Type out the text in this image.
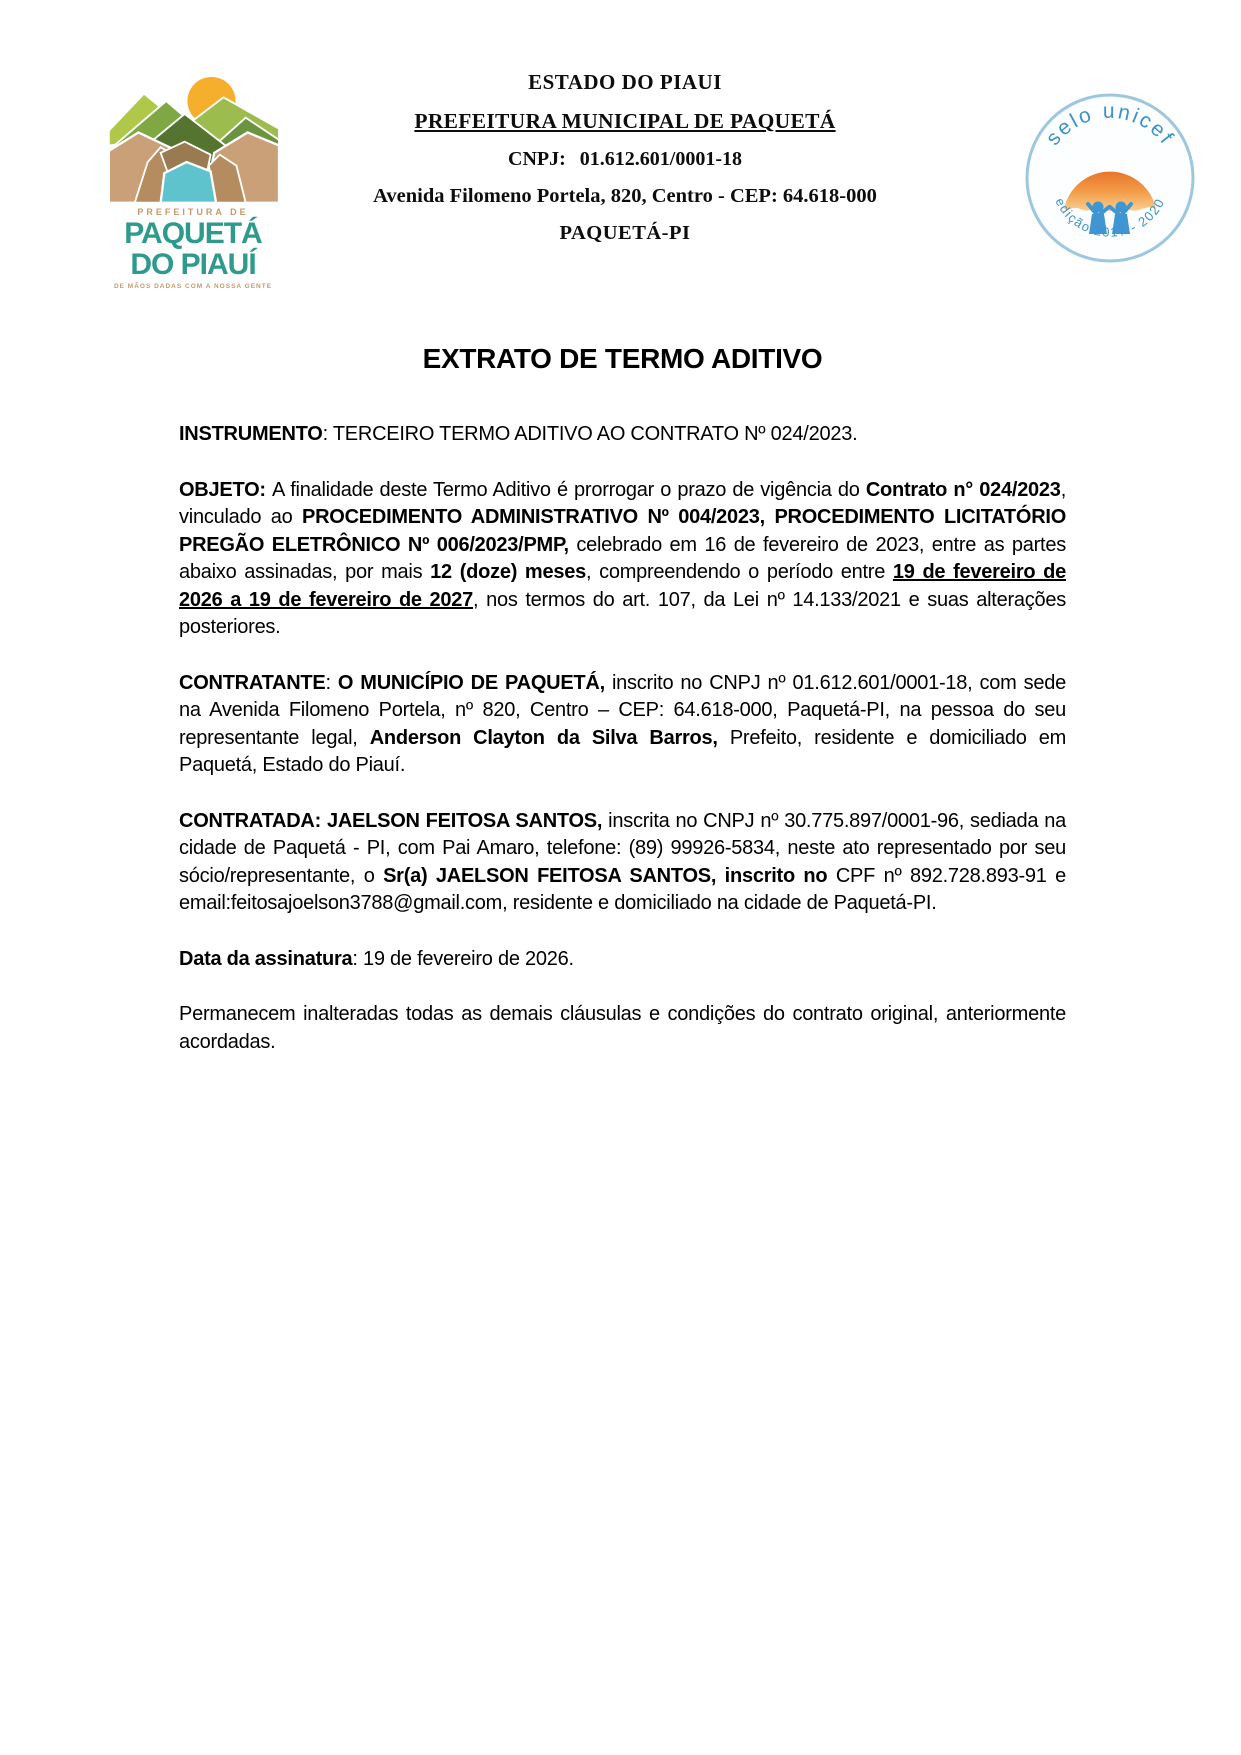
PREFEITURA DE
PAQUETÁ
DO PIAUÍ
DE MÃOS DADAS COM A NOSSA GENTE
ESTADO DO PIAUI
PREFEITURA MUNICIPAL DE PAQUETÁ
CNPJ: 01.612.601/0001-18
Avenida Filomeno Portela, 820, Centro - CEP: 64.618-000
PAQUETÁ-PI
selo unicef
edição 2017 - 2020
EXTRATO DE TERMO ADITIVO

INSTRUMENTO: TERCEIRO TERMO ADITIVO AO CONTRATO Nº 024/2023.

OBJETO: A finalidade deste Termo Aditivo é prorrogar o prazo de vigência do Contrato n° 024/2023, vinculado ao PROCEDIMENTO ADMINISTRATIVO Nº 004/2023, PROCEDIMENTO LICITATÓRIO PREGÃO ELETRÔNICO Nº 006/2023/PMP, celebrado em 16 de fevereiro de 2023, entre as partes abaixo assinadas, por mais 12 (doze) meses, compreendendo o período entre 19 de fevereiro de 2026 a 19 de fevereiro de 2027, nos termos do art. 107, da Lei nº 14.133/2021 e suas alterações posteriores.

CONTRATANTE: O MUNICÍPIO DE PAQUETÁ, inscrito no CNPJ nº 01.612.601/0001-18, com sede na Avenida Filomeno Portela, nº 820, Centro – CEP: 64.618-000, Paquetá-PI, na pessoa do seu representante legal, Anderson Clayton da Silva Barros, Prefeito, residente e domiciliado em Paquetá, Estado do Piauí.

CONTRATADA: JAELSON FEITOSA SANTOS, inscrita no CNPJ nº 30.775.897/0001-96, sediada na cidade de Paquetá - PI, com Pai Amaro, telefone: (89) 99926-5834, neste ato representado por seu sócio/representante, o Sr(a) JAELSON FEITOSA SANTOS, inscrito no CPF nº 892.728.893-91 e email:feitosajoelson3788@gmail.com, residente e domiciliado na cidade de Paquetá-PI.

Data da assinatura: 19 de fevereiro de 2026.

Permanecem inalteradas todas as demais cláusulas e condições do contrato original, anteriormente acordadas.
